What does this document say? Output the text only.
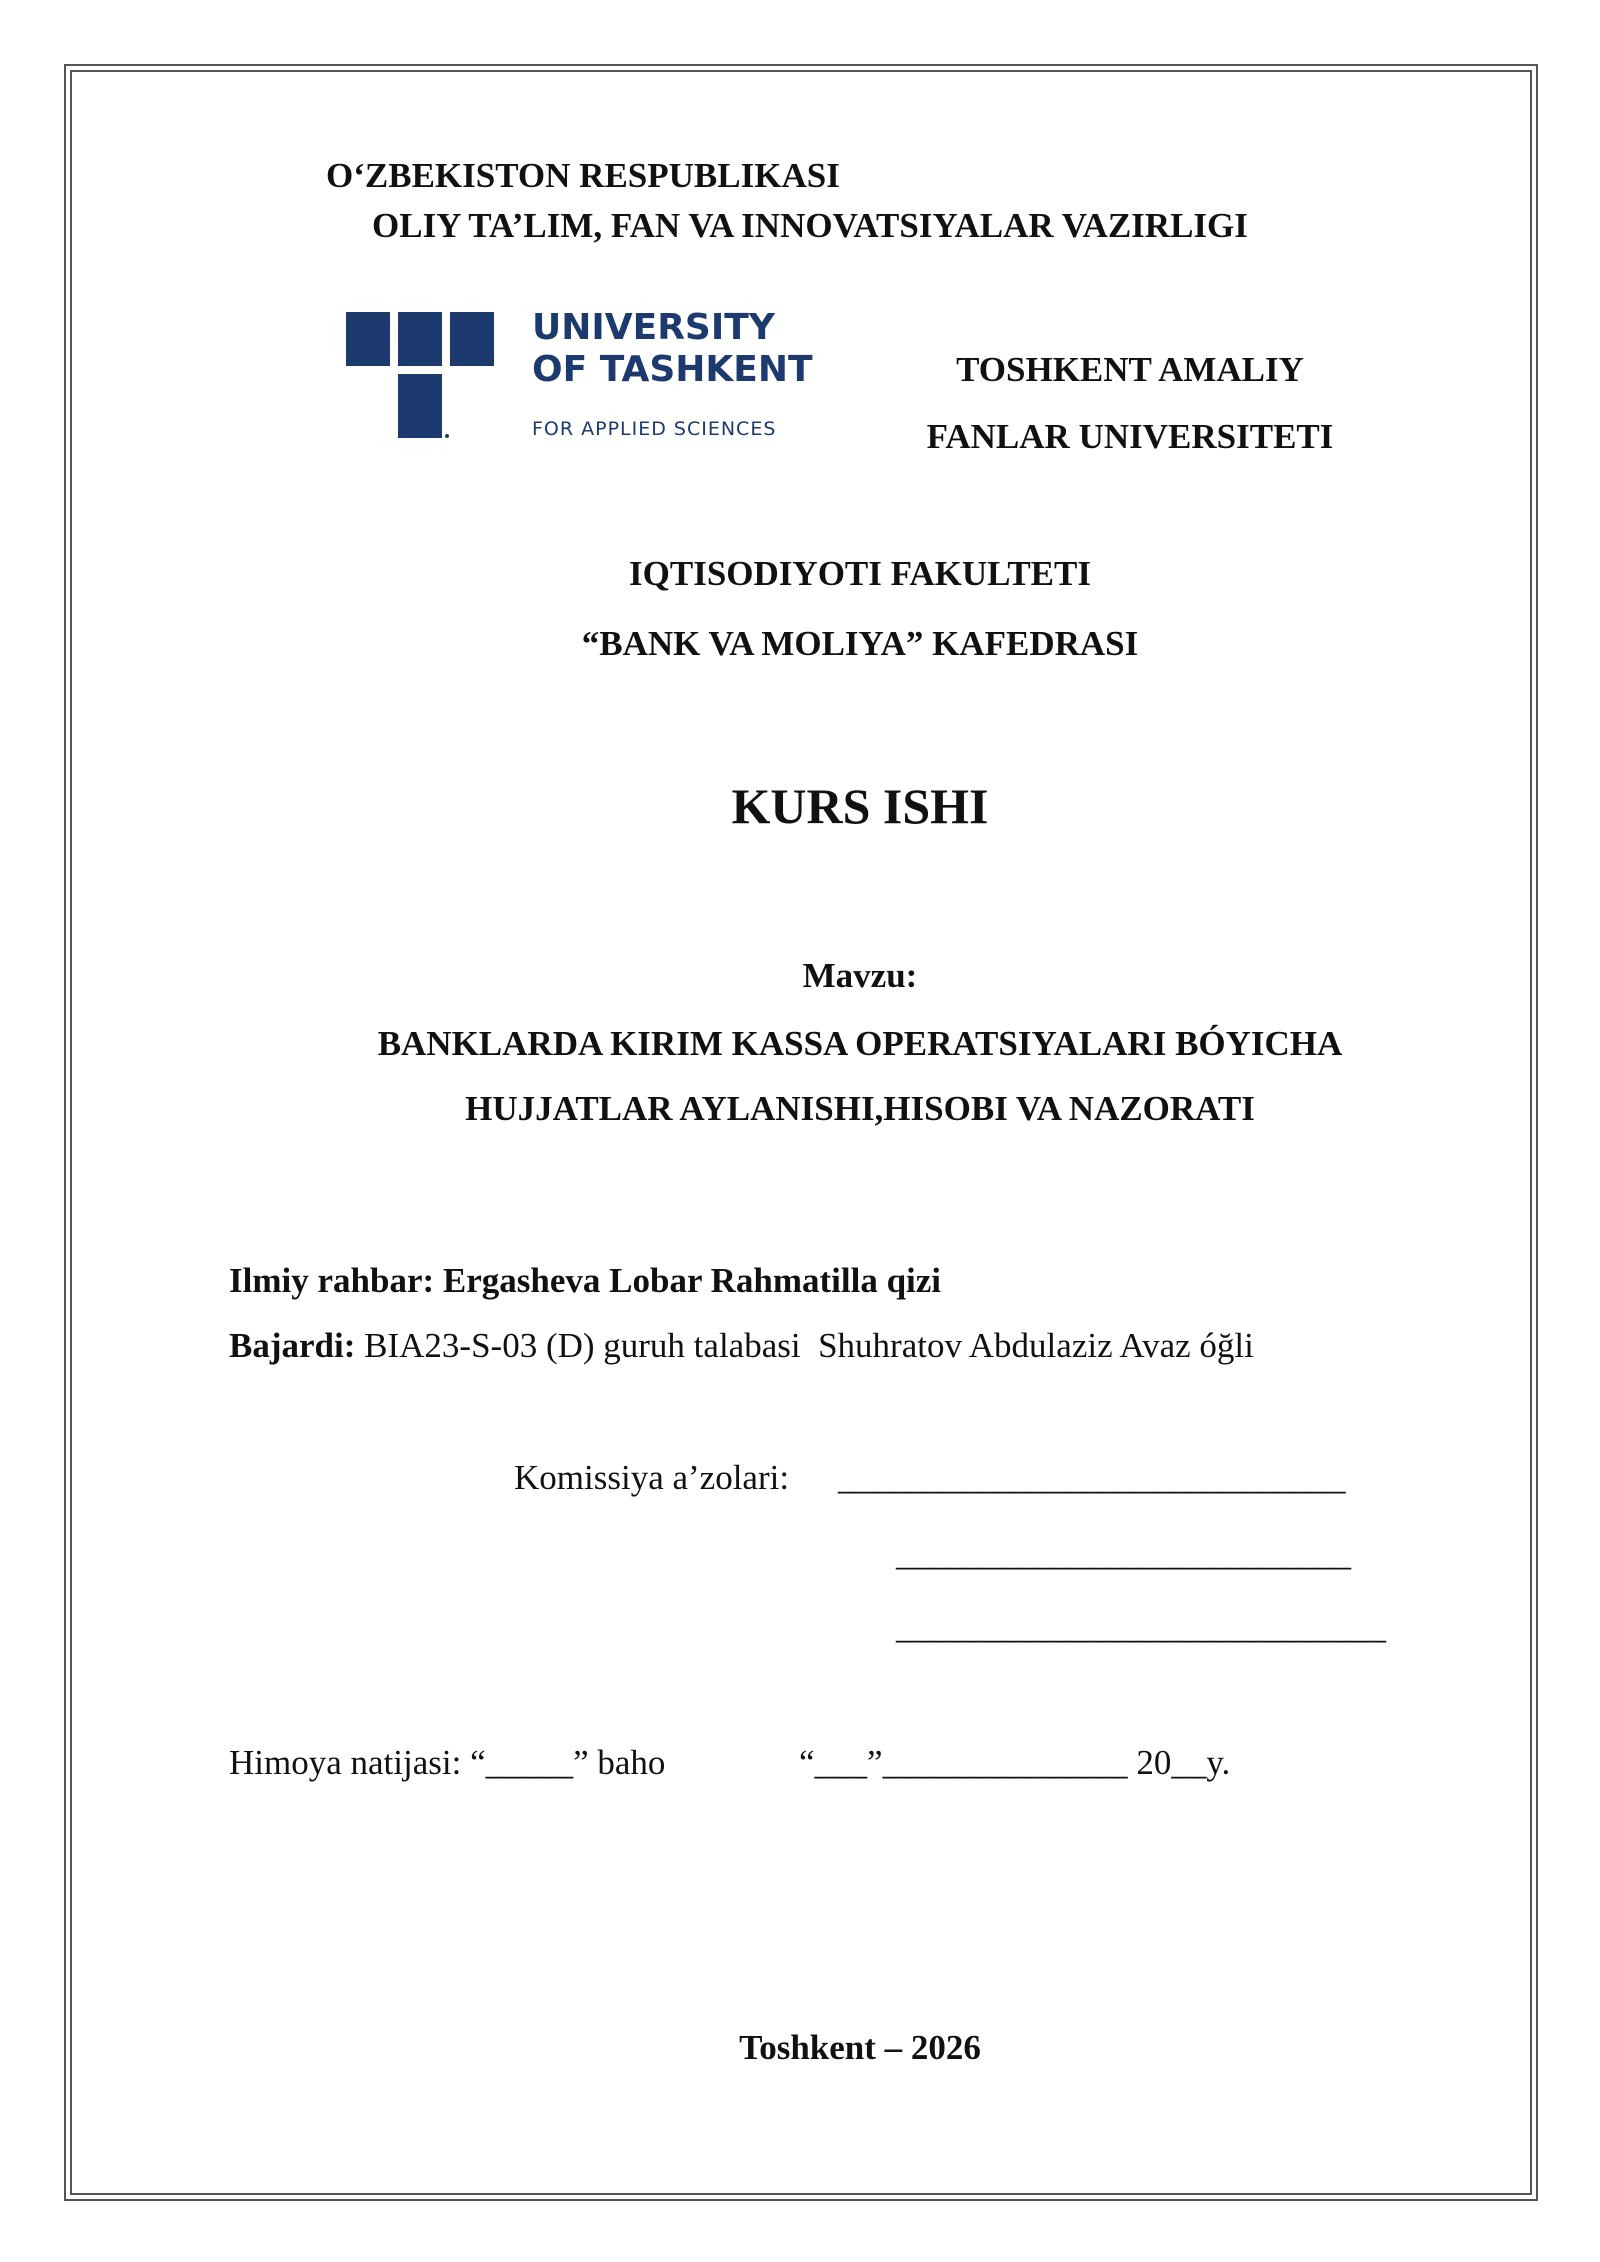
O‘ZBEKISTON RESPUBLIKASI
OLIY TA’LIM, FAN VA INNOVATSIYALAR VAZIRLIGI
UNIVERSITY
OF TASHKENT
FOR APPLIED SCIENCES
TOSHKENT AMALIY
FANLAR UNIVERSITETI
IQTISODIYOTI FAKULTETI
“BANK VA MOLIYA” KAFEDRASI
KURS ISHI
Mavzu:
BANKLARDA KIRIM KASSA OPERATSIYALARI BÓYICHA
HUJJATLAR AYLANISHI,HISOBI VA NAZORATI
Ilmiy rahbar: Ergasheva Lobar Rahmatilla qizi
Bajardi: BIA23-S-03 (D) guruh talabasi  Shuhratov Abdulaziz Avaz óğli
Komissiya a’zolari: _____________________________
__________________________
____________________________
Himoya natijasi: “_____” baho	“___”______________ 20__y.
Toshkent – 2026
